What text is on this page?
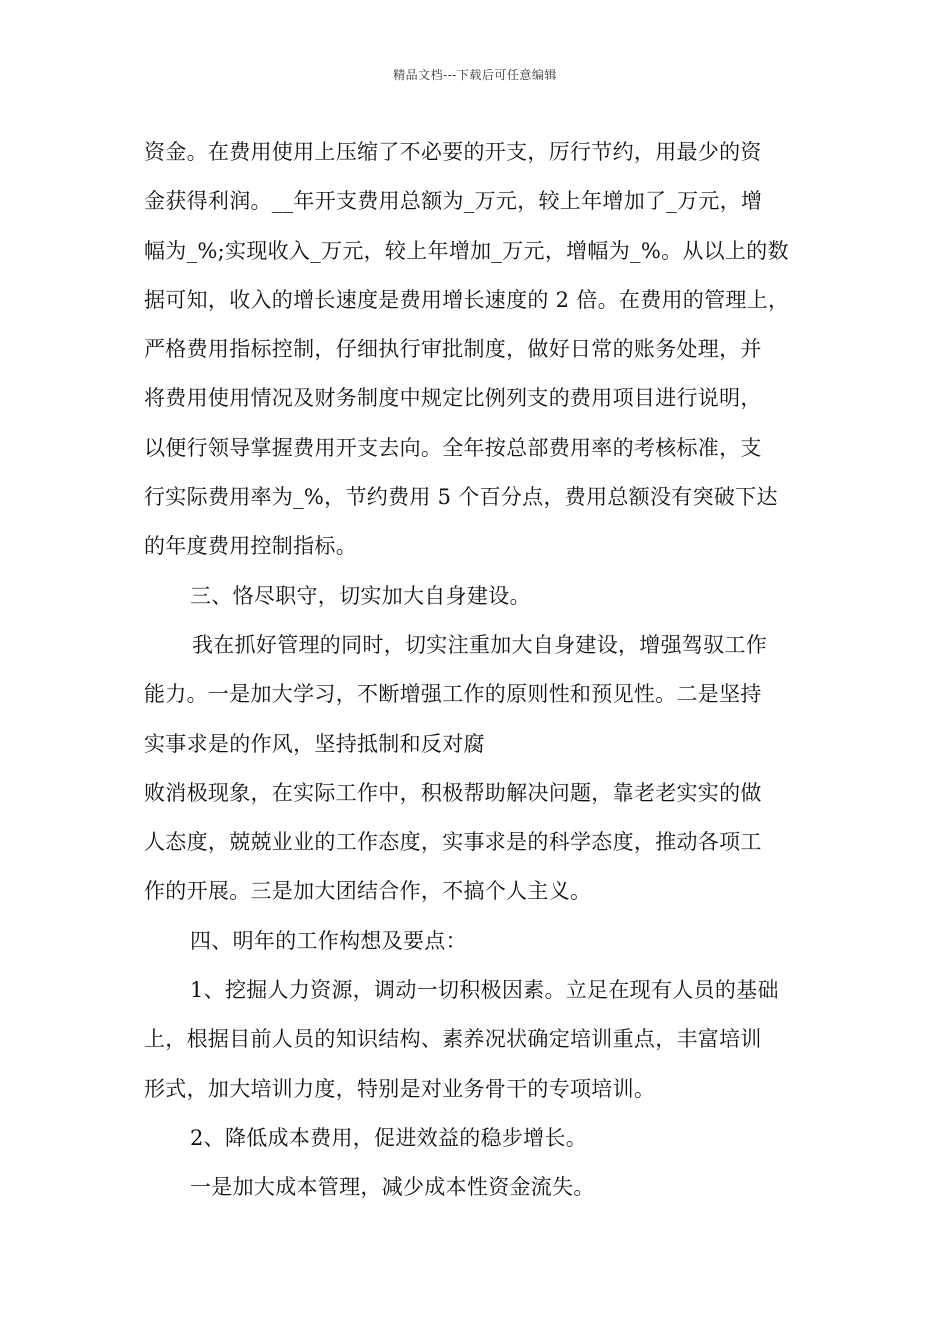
精品文档---下载后可任意编辑
资金。在费用使用上压缩了不必要的开支，厉行节约，用最少的资
金获得利润。__年开支费用总额为_万元，较上年增加了_万元，增
幅为_%;实现收入_万元，较上年增加_万元，增幅为_%。从以上的数
据可知，收入的增长速度是费用增长速度的 2 倍。在费用的管理上，
严格费用指标控制，仔细执行审批制度，做好日常的账务处理，并
将费用使用情况及财务制度中规定比例列支的费用项目进行说明，
以便行领导掌握费用开支去向。全年按总部费用率的考核标准，支
行实际费用率为_%，节约费用 5 个百分点，费用总额没有突破下达
的年度费用控制指标。
三、恪尽职守，切实加大自身建设。
我在抓好管理的同时，切实注重加大自身建设，增强驾驭工作
能力。一是加大学习，不断增强工作的原则性和预见性。二是坚持
实事求是的作风，坚持抵制和反对腐
败消极现象，在实际工作中，积极帮助解决问题，靠老老实实的做
人态度，兢兢业业的工作态度，实事求是的科学态度，推动各项工
作的开展。三是加大团结合作，不搞个人主义。
四、明年的工作构想及要点：
1、挖掘人力资源，调动一切积极因素。立足在现有人员的基础
上，根据目前人员的知识结构、素养况状确定培训重点，丰富培训
形式，加大培训力度，特别是对业务骨干的专项培训。
2、降低成本费用，促进效益的稳步增长。
一是加大成本管理，减少成本性资金流失。
